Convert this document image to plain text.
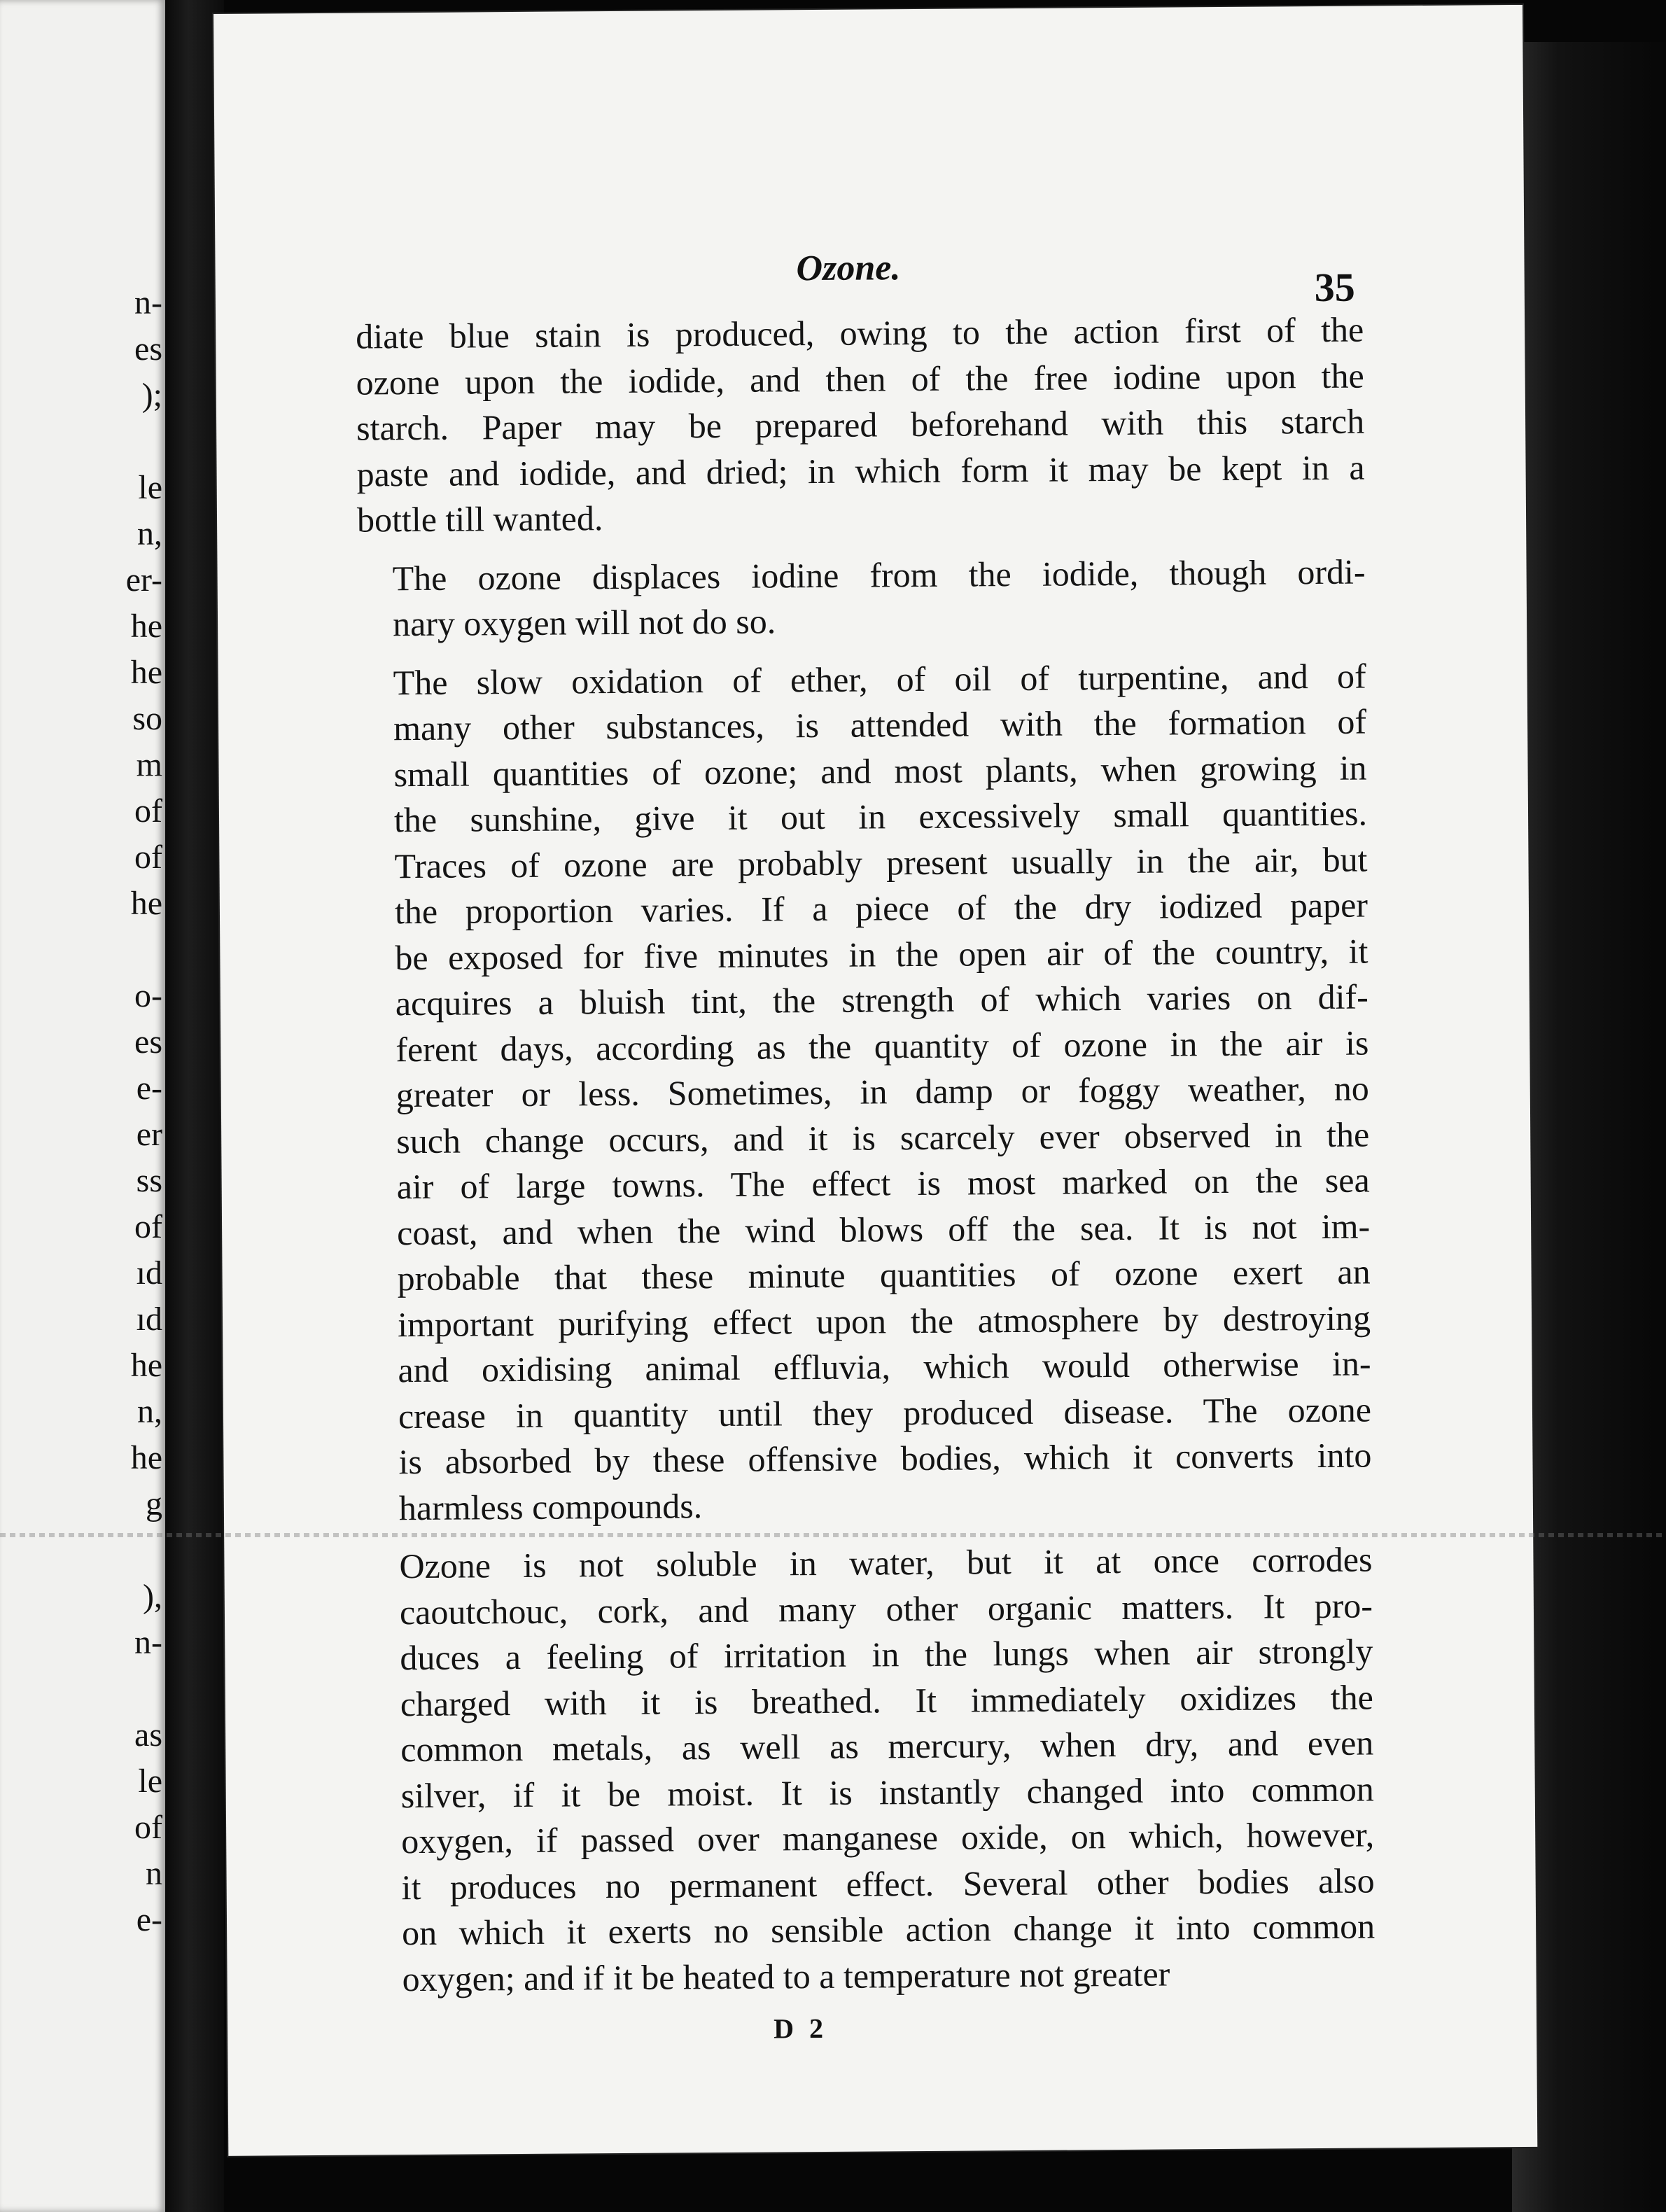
n-
es
);
le
n,
er-
he
he
so
m
of
of
he
o-
es
e-
er
ss
of
ıd
ıd
he
n,
he
g
),
n-
as
le
of
n
e-
Ozone.	35
diate blue stain is produced, owing to the action first of the
ozone upon the iodide, and then of the free iodine upon the
starch. Paper may be prepared beforehand with this starch
paste and iodide, and dried; in which form it may be kept in a
bottle till wanted.
The ozone displaces iodine from the iodide, though ordi-
nary oxygen will not do so.
The slow oxidation of ether, of oil of turpentine, and of
many other substances, is attended with the formation of
small quantities of ozone; and most plants, when growing in
the sunshine, give it out in excessively small quantities.
Traces of ozone are probably present usually in the air, but
the proportion varies. If a piece of the dry iodized paper
be exposed for five minutes in the open air of the country, it
acquires a bluish tint, the strength of which varies on dif-
ferent days, according as the quantity of ozone in the air is
greater or less. Sometimes, in damp or foggy weather, no
such change occurs, and it is scarcely ever observed in the
air of large towns. The effect is most marked on the sea
coast, and when the wind blows off the sea. It is not im-
probable that these minute quantities of ozone exert an
important purifying effect upon the atmosphere by destroying
and oxidising animal effluvia, which would otherwise in-
crease in quantity until they produced disease. The ozone
is absorbed by these offensive bodies, which it converts into
harmless compounds.
Ozone is not soluble in water, but it at once corrodes
caoutchouc, cork, and many other organic matters. It pro-
duces a feeling of irritation in the lungs when air strongly
charged with it is breathed. It immediately oxidizes the
common metals, as well as mercury, when dry, and even
silver, if it be moist. It is instantly changed into common
oxygen, if passed over manganese oxide, on which, however,
it produces no permanent effect. Several other bodies also
on which it exerts no sensible action change it into common
oxygen; and if it be heated to a temperature not greater
D 2
